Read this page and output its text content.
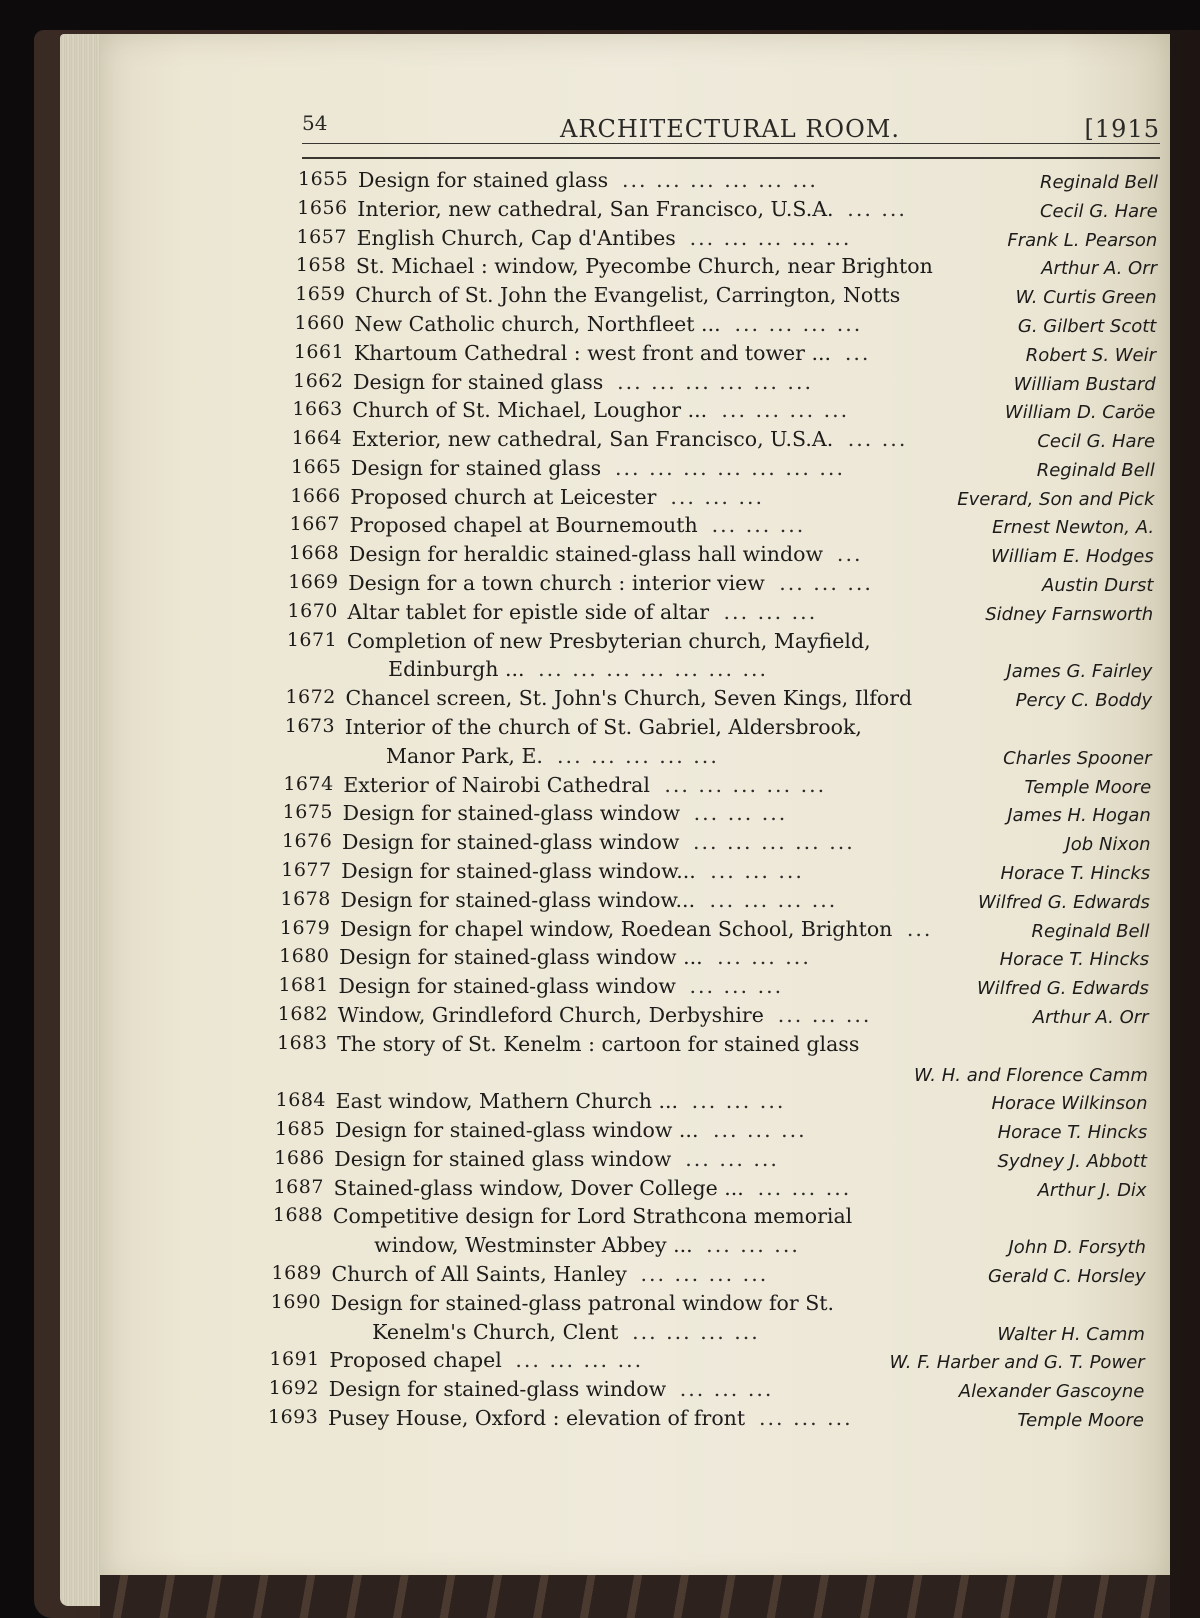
54	ARCHITECTURAL ROOM.	[1915
1655 Design for stained glass ... ... ... ... ... ...	Reginald Bell
1656 Interior, new cathedral, San Francisco, U.S.A. ... ...	Cecil G. Hare
1657 English Church, Cap d'Antibes ... ... ... ... ...	Frank L. Pearson
1658 St. Michael : window, Pyecombe Church, near Brighton	Arthur A. Orr
1659 Church of St. John the Evangelist, Carrington, Notts	W. Curtis Green
1660 New Catholic church, Northfleet ... ... ... ... ...	G. Gilbert Scott
1661 Khartoum Cathedral : west front and tower ... ...	Robert S. Weir
1662 Design for stained glass ... ... ... ... ... ...	William Bustard
1663 Church of St. Michael, Loughor ... ... ... ... ...	William D. Caröe
1664 Exterior, new cathedral, San Francisco, U.S.A. ... ...	Cecil G. Hare
1665 Design for stained glass ... ... ... ... ... ... ...	Reginald Bell
1666 Proposed church at Leicester ... ... ...	Everard, Son and Pick
1667 Proposed chapel at Bournemouth ... ... ...	Ernest Newton, A.
1668 Design for heraldic stained-glass hall window ...	William E. Hodges
1669 Design for a town church : interior view ... ... ...	Austin Durst
1670 Altar tablet for epistle side of altar ... ... ...	Sidney Farnsworth
1671 Completion of new Presbyterian church, Mayfield,
Edinburgh ... ... ... ... ... ... ... ...	James G. Fairley
1672 Chancel screen, St. John's Church, Seven Kings, Ilford	Percy C. Boddy
1673 Interior of the church of St. Gabriel, Aldersbrook,
Manor Park, E. ... ... ... ... ...	Charles Spooner
1674 Exterior of Nairobi Cathedral ... ... ... ... ...	Temple Moore
1675 Design for stained-glass window ... ... ...	James H. Hogan
1676 Design for stained-glass window ... ... ... ... ...	Job Nixon
1677 Design for stained-glass window... ... ... ...	Horace T. Hincks
1678 Design for stained-glass window... ... ... ... ...	Wilfred G. Edwards
1679 Design for chapel window, Roedean School, Brighton ...	Reginald Bell
1680 Design for stained-glass window ... ... ... ...	Horace T. Hincks
1681 Design for stained-glass window ... ... ...	Wilfred G. Edwards
1682 Window, Grindleford Church, Derbyshire ... ... ...	Arthur A. Orr
1683 The story of St. Kenelm : cartoon for stained glass
W. H. and Florence Camm
1684 East window, Mathern Church ... ... ... ...	Horace Wilkinson
1685 Design for stained-glass window ... ... ... ...	Horace T. Hincks
1686 Design for stained glass window ... ... ...	Sydney J. Abbott
1687 Stained-glass window, Dover College ... ... ... ...	Arthur J. Dix
1688 Competitive design for Lord Strathcona memorial
window, Westminster Abbey ... ... ... ...	John D. Forsyth
1689 Church of All Saints, Hanley ... ... ... ...	Gerald C. Horsley
1690 Design for stained-glass patronal window for St.
Kenelm's Church, Clent ... ... ... ...	Walter H. Camm
1691 Proposed chapel ... ... ... ...	W. F. Harber and G. T. Power
1692 Design for stained-glass window ... ... ...	Alexander Gascoyne
1693 Pusey House, Oxford : elevation of front ... ... ...	Temple Moore
